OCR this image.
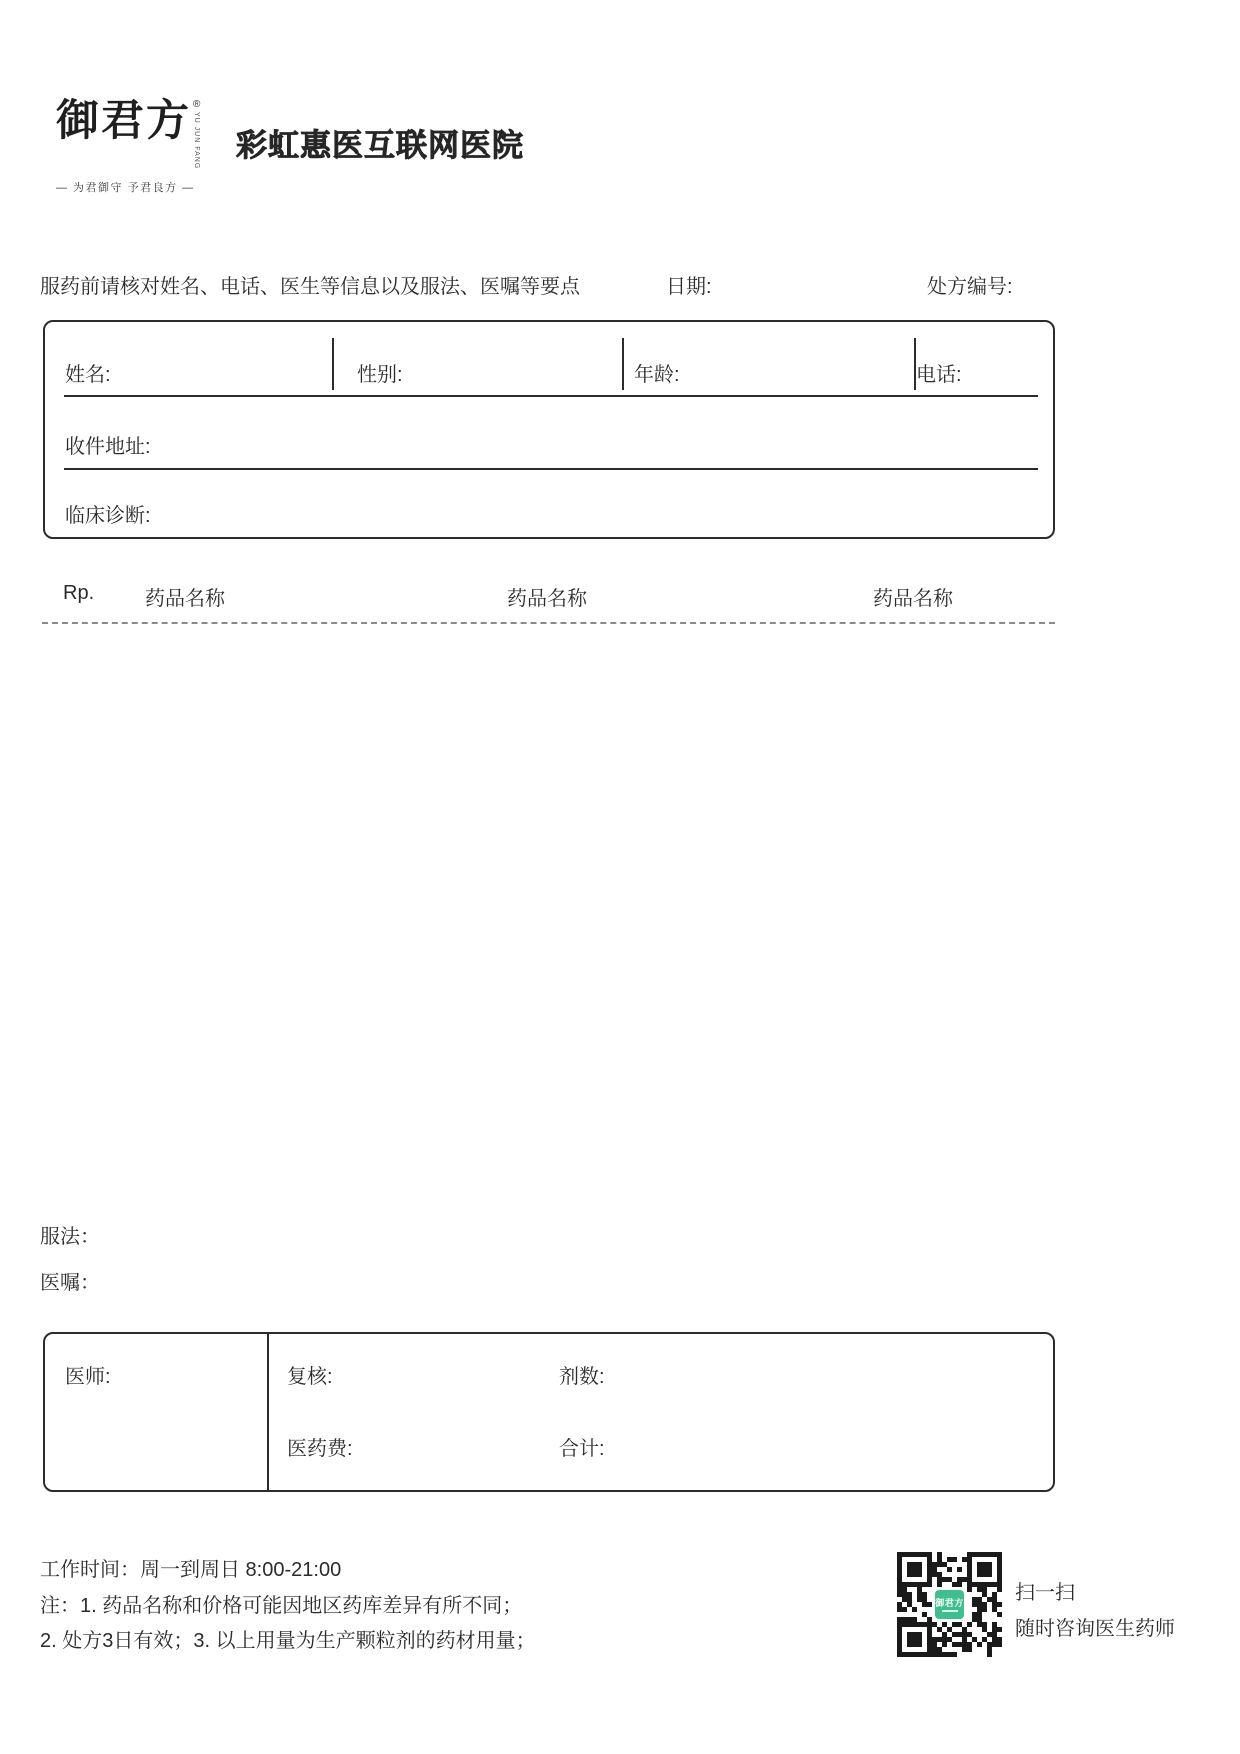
御君方 ®
YU JUN FANG
— 为君御守 予君良方 —
彩虹惠医互联网医院
服药前请核对姓名、电话、医生等信息以及服法、医嘱等要点	日期:	处方编号:
姓名:	性别:	年龄:	电话:
收件地址:
临床诊断:
Rp.	药品名称	药品名称	药品名称
服法：
医嘱：
医师:	复核:	剂数:
医药费:	合计:
工作时间：周一到周日 8:00-21:00
注：1. 药品名称和价格可能因地区药库差异有所不同；
2. 处方3日有效；3. 以上用量为生产颗粒剂的药材用量；
御君方	扫一扫
随时咨询医生药师
